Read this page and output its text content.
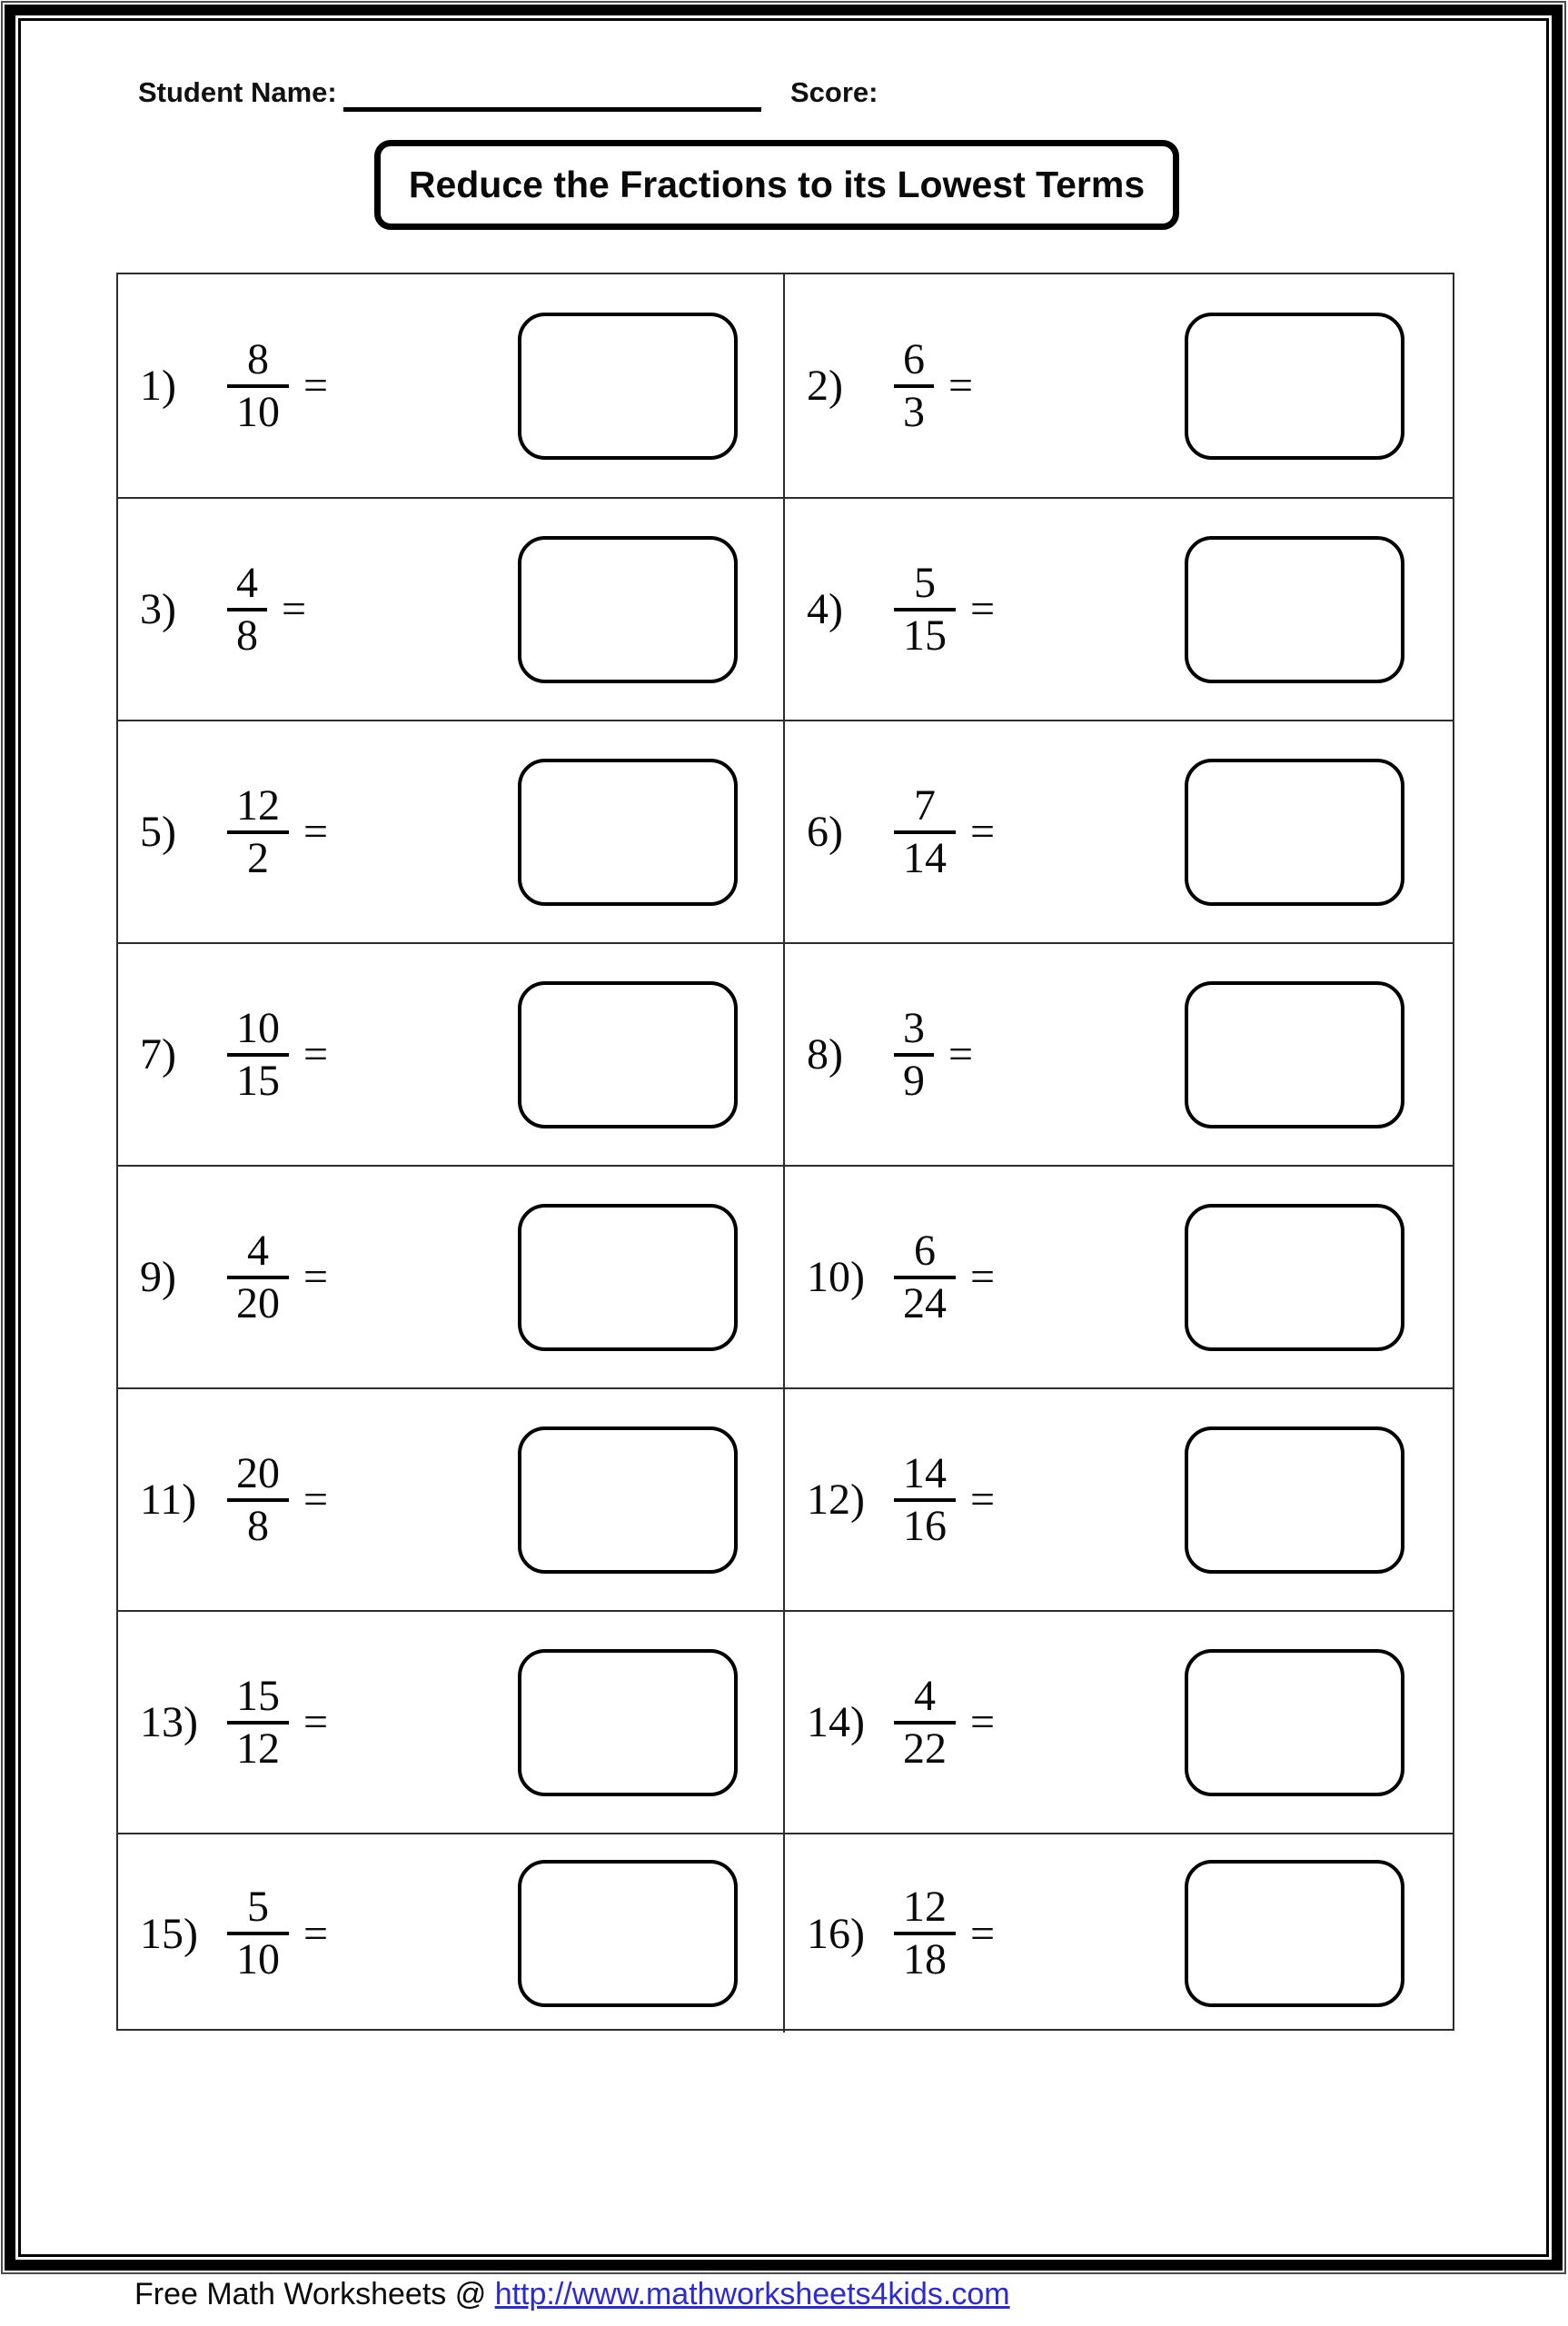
Student Name:	Score:
Reduce the Fractions to its Lowest Terms
1)	$\frac{8}{10}$ =	2)	$\frac{6}{3}$ =
3)	$\frac{4}{8}$ =	4)	$\frac{5}{15}$ =
5)	$\frac{12}{2}$ =	6)	$\frac{7}{14}$ =
7)	$\frac{10}{15}$ =	8)	$\frac{3}{9}$ =
9)	$\frac{4}{20}$ =	$10) \frac{6}{24}$ =
$11) \frac{20}{8}$ =	$12) \frac{14}{16}$ =
$13) \frac{15}{12}$ =	$14) \frac{4}{22}$ =
$15) \frac{5}{10}$ =	$16) \frac{12}{18}$ =
Free Math Worksheets @ http://www.mathworksheets4kids.com
